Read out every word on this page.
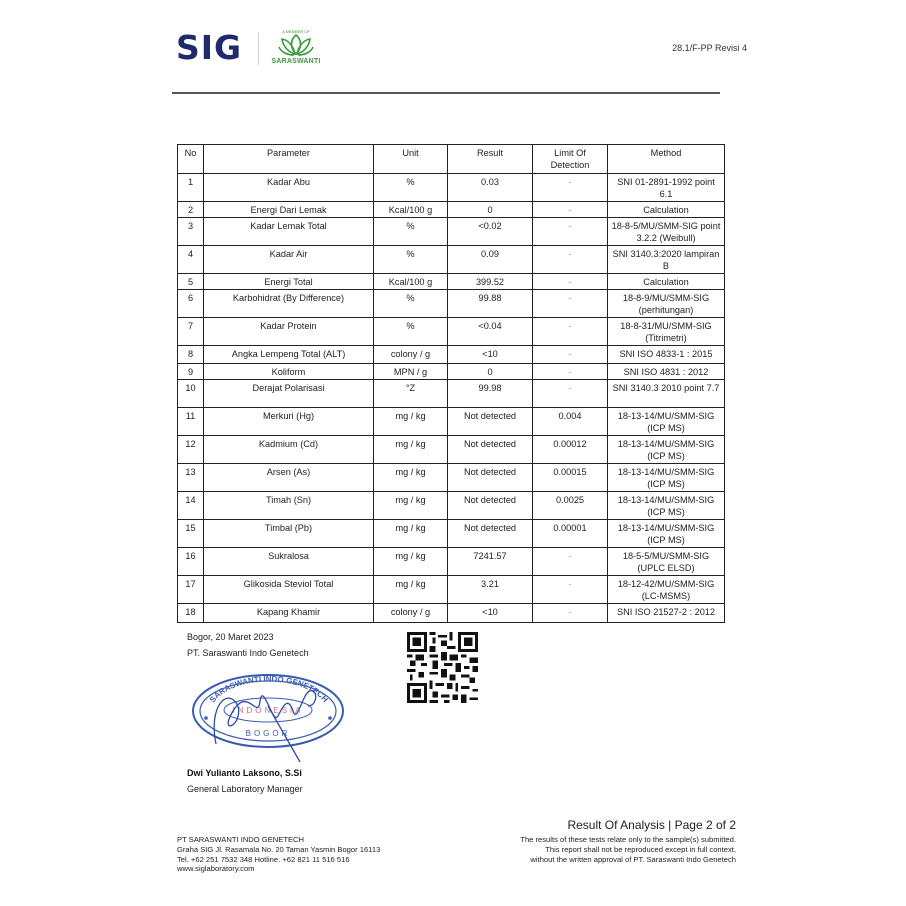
SIG	A MEMBER OF
SARASWANTI
28.1/F-PP Revisi 4
No	Parameter	Unit	Result	Limit Of Detection	Method
1	Kadar Abu	%	0.03	-	SNI 01-2891-1992 point 6.1
2	Energi Dari Lemak	Kcal/100 g	0	-	Calculation
3	Kadar Lemak Total	%	<0.02	-	18-8-5/MU/SMM-SIG point 3.2.2 (Weibull)
4	Kadar Air	%	0.09	-	SNI 3140.3:2020 lampiran B
5	Energi Total	Kcal/100 g	399.52	-	Calculation
6	Karbohidrat (By Difference)	%	99.88	-	18-8-9/MU/SMM-SIG (perhitungan)
7	Kadar Protein	%	<0.04	-	18-8-31/MU/SMM-SIG (Titrimetri)
8	Angka Lempeng Total (ALT)	colony / g	<10	-	SNI ISO 4833-1 : 2015
9	Koliform	MPN / g	0	-	SNI ISO 4831 : 2012
10	Derajat Polarisasi	°Z	99.98	-	SNI 3140.3 2010 point 7.7
11	Merkuri (Hg)	mg / kg	Not detected	0.004	18-13-14/MU/SMM-SIG (ICP MS)
12	Kadmium (Cd)	mg / kg	Not detected	0.00012	18-13-14/MU/SMM-SIG (ICP MS)
13	Arsen (As)	mg / kg	Not detected	0.00015	18-13-14/MU/SMM-SIG (ICP MS)
14	Timah (Sn)	mg / kg	Not detected	0.0025	18-13-14/MU/SMM-SIG (ICP MS)
15	Timbal (Pb)	mg / kg	Not detected	0.00001	18-13-14/MU/SMM-SIG (ICP MS)
16	Sukralosa	mg / kg	7241.57	-	18-5-5/MU/SMM-SIG (UPLC ELSD)
17	Glikosida Steviol Total	mg / kg	3.21	-	18-12-42/MU/SMM-SIG (LC-MSMS)
18	Kapang Khamir	colony / g	<10	-	SNI ISO 21527-2 : 2012
Bogor, 20 Maret 2023
PT. Saraswanti Indo Genetech
SARASWANTI INDO GENETECH
INDONESIA
BOGOR
Dwi Yulianto Laksono, S.Si
General Laboratory Manager
PT SARASWANTI INDO GENETECH
Graha SIG Jl. Rasamala No. 20 Taman Yasmin Bogor 16113
Tel. +62 251 7532 348 Hotline. +62 821 11 516 516
www.siglaboratory.com
Result Of Analysis | Page 2 of 2
The results of these tests relate only to the sample(s) submitted.
This report shall not be reproduced except in full context,
without the written approval of PT. Saraswanti Indo Genetech
